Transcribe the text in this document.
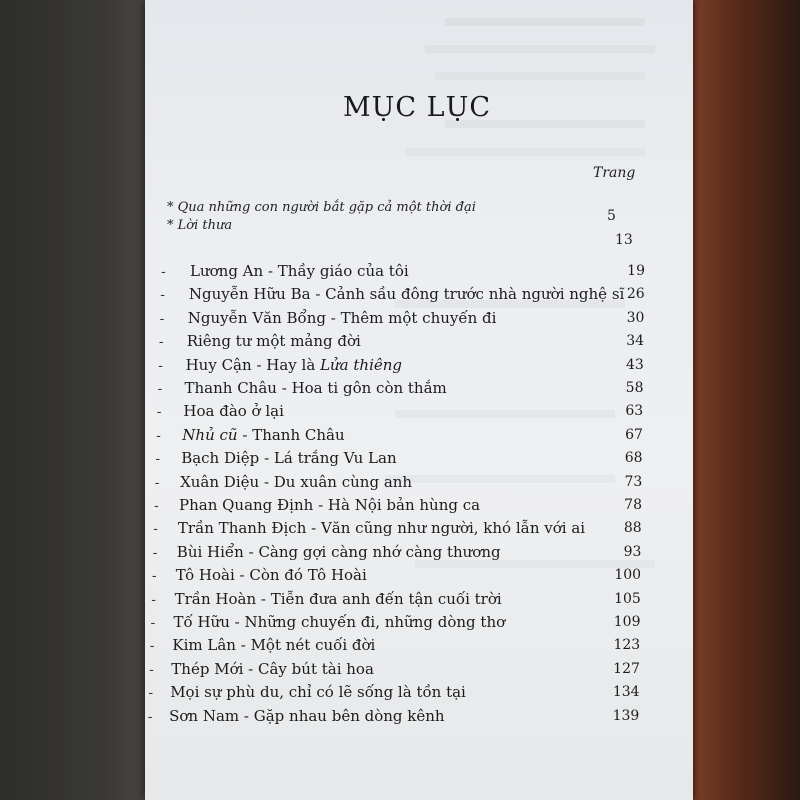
MỤC LỤC
Trang
* Qua những con người bắt gặp cả một thời đại
5
* Lời thưa
13
- Lương An - Thầy giáo của tôi	19
- Nguyễn Hữu Ba - Cảnh sầu đông trước nhà người nghệ sĩ 26
- Nguyễn Văn Bổng - Thêm một chuyến đi	30
- Riêng tư một mảng đời	34
- Huy Cận - Hay là Lửa thiêng	43
- Thanh Châu - Hoa ti gôn còn thắm	58
- Hoa đào ở lại	63
- Nhủ cũ - Thanh Châu	67
- Bạch Diệp - Lá trắng Vu Lan	68
- Xuân Diệu - Du xuân cùng anh	73
- Phan Quang Định - Hà Nội bản hùng ca	78
- Trần Thanh Địch - Văn cũng như người, khó lẫn với ai	88
- Bùi Hiển - Càng gợi càng nhớ càng thương	93
- Tô Hoài - Còn đó Tô Hoài	100
- Trần Hoàn - Tiễn đưa anh đến tận cuối trời	105
- Tố Hữu - Những chuyến đi, những dòng thơ	109
- Kim Lân - Một nét cuối đời	123
- Thép Mới - Cây bút tài hoa	127
- Mọi sự phù du, chỉ có lẽ sống là tồn tại	134
- Sơn Nam - Gặp nhau bên dòng kênh	139
